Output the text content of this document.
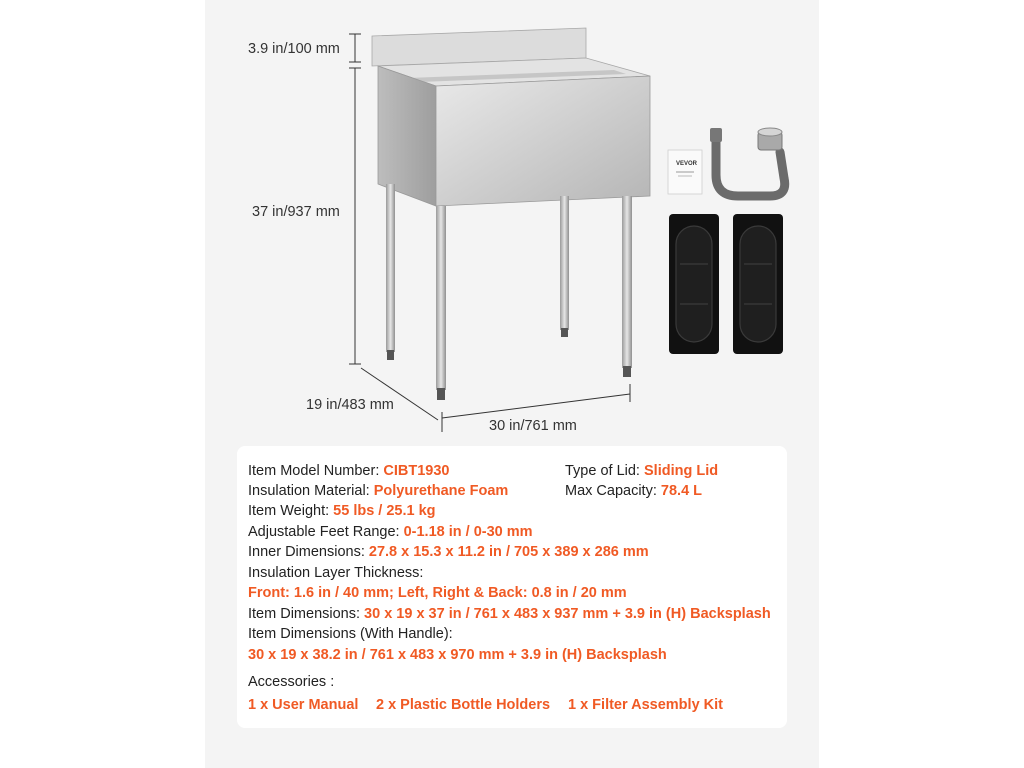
VEVOR
3.9 in/100 mm
37 in/937 mm
19 in/483 mm
30 in/761 mm
Item Model Number: CIBT1930	Type of Lid: Sliding Lid
Insulation Material: Polyurethane Foam	Max Capacity: 78.4 L
Item Weight: 55 lbs / 25.1 kg
Adjustable Feet Range: 0-1.18 in / 0-30 mm
Inner Dimensions: 27.8 x 15.3 x 11.2 in / 705 x 389 x 286 mm
Insulation Layer Thickness:
Front: 1.6 in / 40 mm; Left, Right & Back: 0.8 in / 20 mm
Item Dimensions: 30 x 19 x 37 in / 761 x 483 x 937 mm + 3.9 in (H) Backsplash
Item Dimensions (With Handle):
30 x 19 x 38.2 in / 761 x 483 x 970 mm + 3.9 in (H) Backsplash
Accessories :
1 x User Manual 2 x Plastic Bottle Holders 1 x Filter Assembly Kit
